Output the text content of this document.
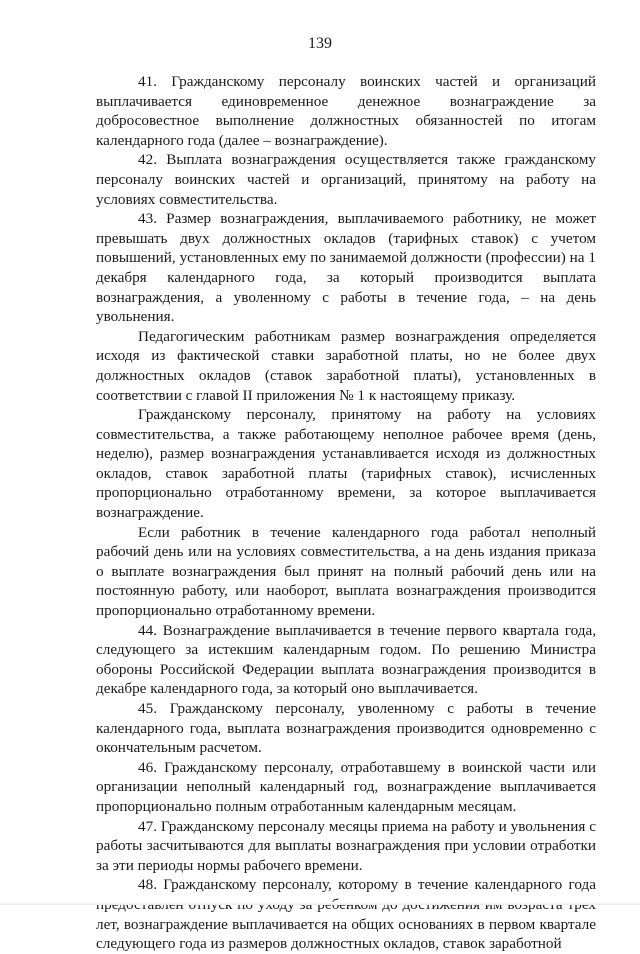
139

41. Гражданскому персоналу воинских частей и организаций выплачивается единовременное денежное вознаграждение за добросовестное выполнение должностных обязанностей по итогам календарного года (далее – вознаграждение).

42. Выплата вознаграждения осуществляется также гражданскому персоналу воинских частей и организаций, принятому на работу на условиях совместительства.

43. Размер вознаграждения, выплачиваемого работнику, не может превышать двух должностных окладов (тарифных ставок) с учетом повышений, установленных ему по занимаемой должности (профессии) на 1 декабря календарного года, за который производится выплата вознаграждения, а уволенному с работы в течение года, – на день увольнения.

Педагогическим работникам размер вознаграждения определяется исходя из фактической ставки заработной платы, но не более двух должностных окладов (ставок заработной платы), установленных в соответствии с главой II приложения № 1 к настоящему приказу.

Гражданскому персоналу, принятому на работу на условиях совместительства, а также работающему неполное рабочее время (день, неделю), размер вознаграждения устанавливается исходя из должностных окладов, ставок заработной платы (тарифных ставок), исчисленных пропорционально отработанному времени, за которое выплачивается вознаграждение.

Если работник в течение календарного года работал неполный рабочий день или на условиях совместительства, а на день издания приказа о выплате вознаграждения был принят на полный рабочий день или на постоянную работу, или наоборот, выплата вознаграждения производится пропорционально отработанному времени.

44. Вознаграждение выплачивается в течение первого квартала года, следующего за истекшим календарным годом. По решению Министра обороны Российской Федерации выплата вознаграждения производится в декабре календарного года, за который оно выплачивается.

45. Гражданскому персоналу, уволенному с работы в течение календарного года, выплата вознаграждения производится одновременно с окончательным расчетом.

46. Гражданскому персоналу, отработавшему в воинской части или организации неполный календарный год, вознаграждение выплачивается пропорционально полным отработанным календарным месяцам.

47. Гражданскому персоналу месяцы приема на работу и увольнения с работы засчитываются для выплаты вознаграждения при условии отработки за эти периоды нормы рабочего времени.

48. Гражданскому персоналу, которому в течение календарного года лет, вознаграждение выплачивается на общих основаниях в первом квартале следующего года из размеров должностных окладов, ставок заработной
